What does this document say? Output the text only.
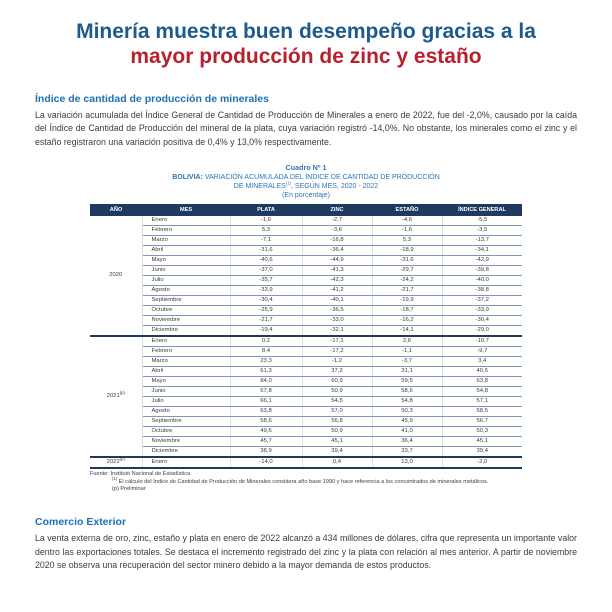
Minería muestra buen desempeño gracias a la
mayor producción de zinc y estaño
Índice de cantidad de producción de minerales

La variación acumulada del Índice General de Cantidad de Producción de Minerales a enero de 2022, fue del -2,0%, causado por la caída del Índice de Cantidad de Producción del mineral de la plata, cuya variación registró -14,0%. No obstante, los minerales como el zinc y el estaño registraron una variación positiva de 0,4% y 13,0% respectivamente.

Cuadro Nº 1
BOLIVIA: VARIACIÓN ACUMULADA DEL ÍNDICE DE CANTIDAD DE PRODUCCIÓN
DE MINERALES$^{(1)}$, SEGÚN MES, 2020 - 2022
(En porcentaje)
AÑO	MES	PLATA	ZINC	ESTAÑO	ÍNDICE GENERAL
2020	Enero	-1,6	-2,7	-4,6	-5,5
	Febrero	5,3	-3,6	-1,6	-3,5
	Marzo	-7,1	-16,8	5,3	-13,7
	Abril	-31,6	-36,4	-18,9	-34,1
	Mayo	-40,6	-44,9	-31,6	-42,9
	Junio	-37,0	-41,3	-29,7	-39,8
	Julio	-35,7	-42,3	-24,2	-40,0
	Agosto	-33,9	-41,2	-21,7	-38,8
	Septiembre	-30,4	-40,1	-19,9	-37,2
	Octubre	-25,9	-36,5	-18,7	-33,9
	Noviembre	-21,7	-33,0	-16,2	-30,4
	Diciembre	-19,4	-32,1	-14,1	-29,0
2021$^{(p)}$	Enero	0,2	-17,1	2,6	-10,7
	Febrero	8,4	-17,2	-1,1	-9,7
	Marzo	23,3	-1,2	-3,7	3,4
	Abril	61,3	37,2	31,1	40,5
	Mayo	84,0	60,9	59,5	63,8
	Junio	67,8	50,9	58,6	54,8
	Julio	66,1	54,5	54,8	57,1
	Agosto	63,8	57,0	50,3	58,5
	Septiembre	58,6	56,8	45,9	56,7
	Octubre	49,6	50,9	41,0	50,3
	Noviembre	45,7	45,1	36,4	45,1
	Diciembre	38,9	39,4	33,7	39,4
2022$^{(p)}$	Enero	-14,0	0,4	13,0	-2,0
Fuente: Instituto Nacional de Estadística
$^{(1)}$ El cálculo del Índice de Cantidad de Producción de Minerales considera año base 1990 y hace referencia a los concentrados de minerales metálicos.
(p) Preliminar
Comercio Exterior

La venta externa de oro, zinc, estaño y plata en enero de 2022 alcanzó a 434 millones de dólares, cifra que representa un importante valor dentro las exportaciones totales. Se destaca el incremento registrado del zinc y la plata con relación al mes anterior. A partir de noviembre 2020 se observa una recuperación del sector minero debido a la mayor demanda de estos productos.
